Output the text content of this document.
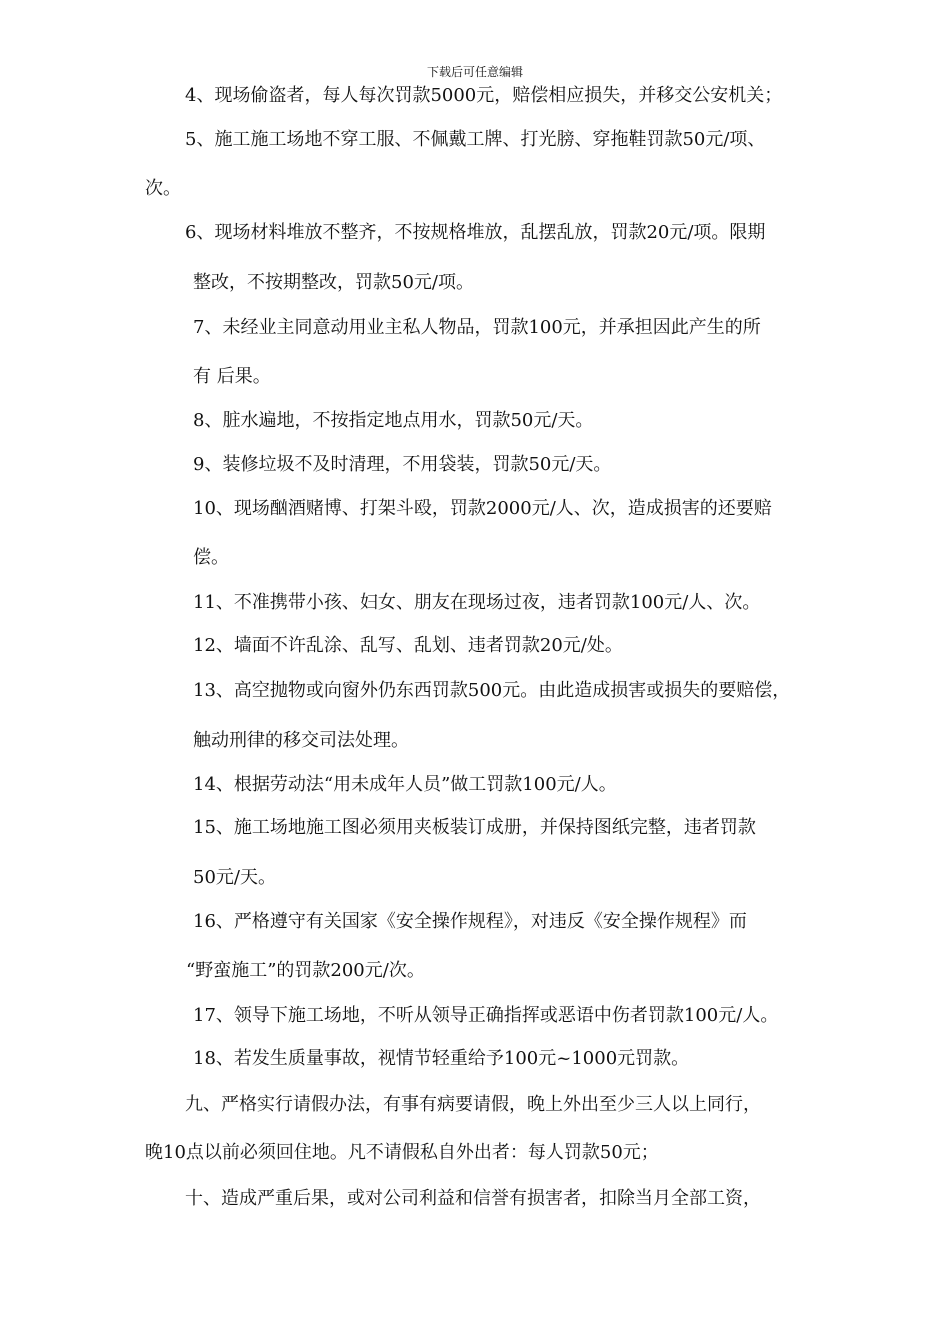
下载后可任意编辑
4、现场偷盗者，每人每次罚款5000元，赔偿相应损失，并移交公安机关；
5、施工施工场地不穿工服、不佩戴工牌、打光膀、穿拖鞋罚款50元/项、
次。
6、现场材料堆放不整齐，不按规格堆放，乱摆乱放，罚款20元/项。限期
整改，不按期整改，罚款50元/项。
7、未经业主同意动用业主私人物品，罚款100元，并承担因此产生的所
有 后果。
8、脏水遍地，不按指定地点用水，罚款50元/天。
9、装修垃圾不及时清理，不用袋装，罚款50元/天。
10、现场酗酒赌博、打架斗殴，罚款2000元/人、次，造成损害的还要赔
偿。
11、不准携带小孩、妇女、朋友在现场过夜，违者罚款100元/人、次。
12、墙面不许乱涂、乱写、乱划、违者罚款20元/处。
13、高空抛物或向窗外仍东西罚款500元。由此造成损害或损失的要赔偿，
触动刑律的移交司法处理。
14、根据劳动法“用未成年人员”做工罚款100元/人。
15、施工场地施工图必须用夹板装订成册，并保持图纸完整，违者罚款
50元/天。
16、严格遵守有关国家《安全操作规程》，对违反《安全操作规程》而
“野蛮施工”的罚款200元/次。
17、领导下施工场地，不听从领导正确指挥或恶语中伤者罚款100元/人。
18、若发生质量事故，视情节轻重给予100元~1000元罚款。
九、严格实行请假办法，有事有病要请假，晚上外出至少三人以上同行，
晚10点以前必须回住地。凡不请假私自外出者：每人罚款50元；
十、造成严重后果，或对公司利益和信誉有损害者，扣除当月全部工资，
